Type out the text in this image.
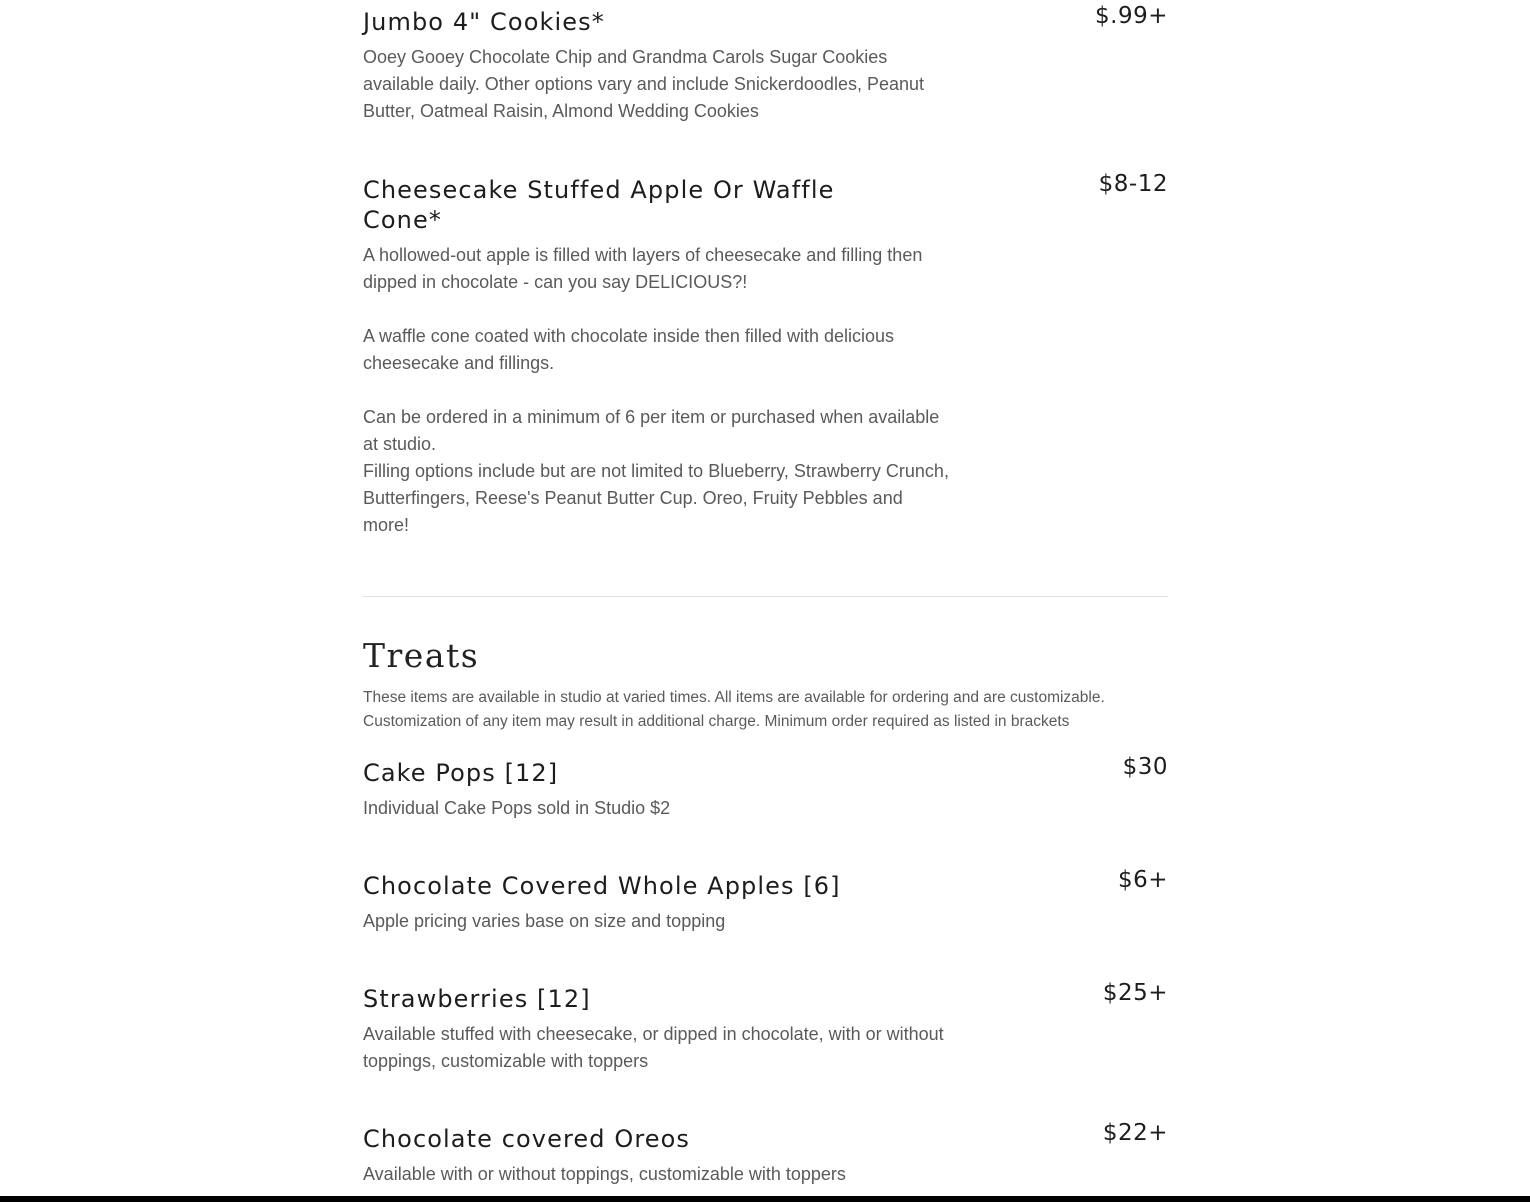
Jumbo 4" Cookies*	$.99+

Ooey Gooey Chocolate Chip and Grandma Carols Sugar Cookies available daily. Other options vary and include Snickerdoodles, Peanut Butter, Oatmeal Raisin, Almond Wedding Cookies

Cheesecake Stuffed Apple Or Waffle Cone*
$8-12

A hollowed-out apple is filled with layers of cheesecake and filling then dipped in chocolate - can you say DELICIOUS?!

A waffle cone coated with chocolate inside then filled with delicious cheesecake and fillings.

Can be ordered in a minimum of 6 per item or purchased when available at studio.
Filling options include but are not limited to Blueberry, Strawberry Crunch, Butterfingers, Reese's Peanut Butter Cup. Oreo, Fruity Pebbles and more!

Treats

These items are available in studio at varied times. All items are available for ordering and are customizable. Customization of any item may result in additional charge. Minimum order required as listed in brackets

Cake Pops [12]	$30

Individual Cake Pops sold in Studio $2

Chocolate Covered Whole Apples [6]	$6+

Apple pricing varies base on size and topping

Strawberries [12]	$25+

Available stuffed with cheesecake, or dipped in chocolate, with or without toppings, customizable with toppers

Chocolate covered Oreos	$22+

Available with or without toppings, customizable with toppers
